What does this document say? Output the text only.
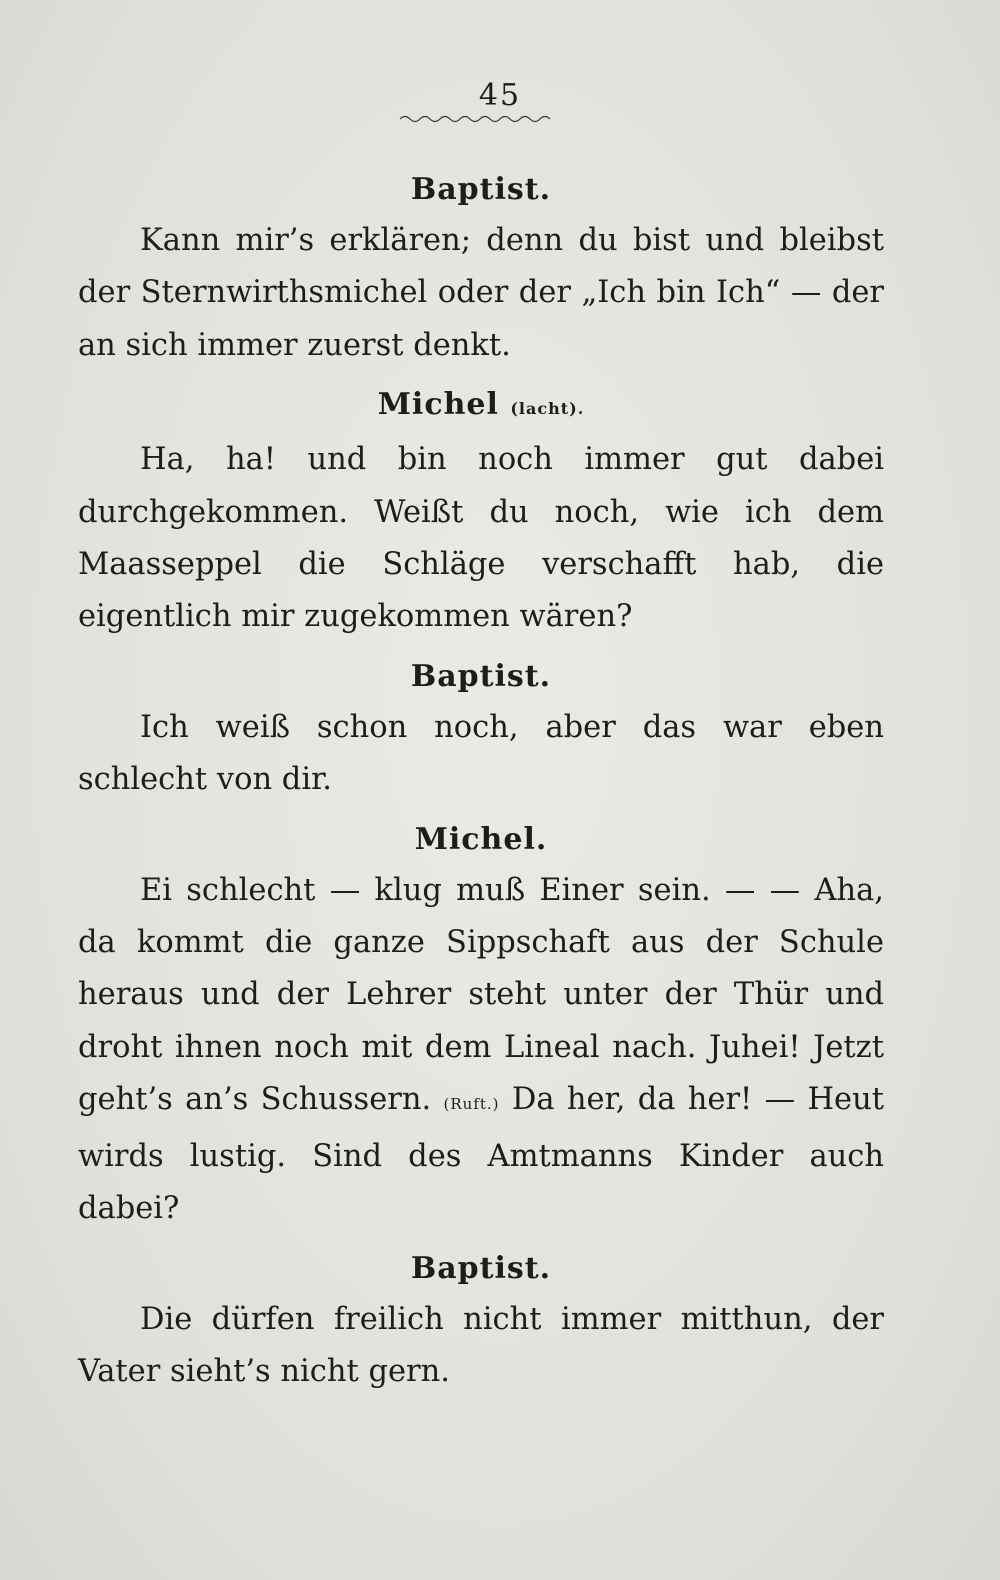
45

Baptist.

Kann mir’s erklären; denn du bist und bleibst der Sternwirthsmichel oder der „Ich bin Ich“ — der an sich immer zuerst denkt.

Michel (lacht).

Ha, ha! und bin noch immer gut dabei durchgekommen. Weißt du noch, wie ich dem Maasseppel die Schläge verschafft hab, die eigentlich mir zugekommen wären?

Baptist.

Ich weiß schon noch, aber das war eben schlecht von dir.

Michel.

Ei schlecht — klug muß Einer sein. — — Aha, da kommt die ganze Sippschaft aus der Schule heraus und der Lehrer steht unter der Thür und droht ihnen noch mit dem Lineal nach. Juhei! Jetzt geht’s an’s Schussern. (Ruft.) Da her, da her! — Heut wirds lustig. Sind des Amtmanns Kinder auch dabei?

Baptist.

Die dürfen freilich nicht immer mitthun, der Vater sieht’s nicht gern.
